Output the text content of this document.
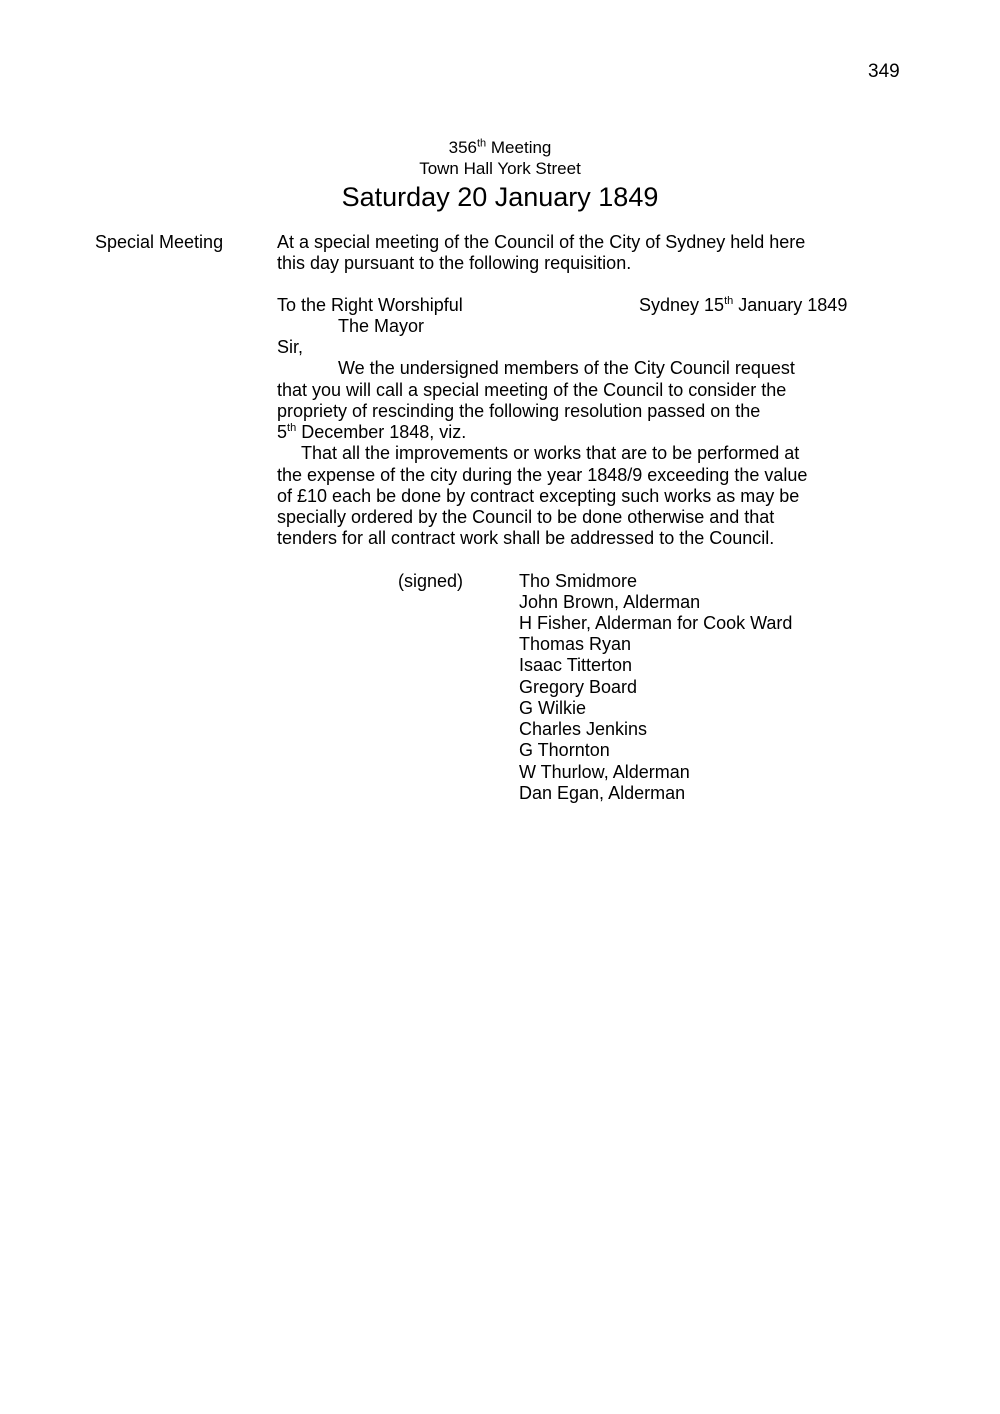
349
356th Meeting
Town Hall York Street
Saturday 20 January 1849
Special Meeting	At a special meeting of the Council of the City of Sydney held here
this day pursuant to the following requisition.
To the Right Worshipful	Sydney 15th January 1849
The Mayor
Sir,
We the undersigned members of the City Council request
that you will call a special meeting of the Council to consider the
propriety of rescinding the following resolution passed on the
5th December 1848, viz.
That all the improvements or works that are to be performed at
the expense of the city during the year 1848/9 exceeding the value
of £10 each be done by contract excepting such works as may be
specially ordered by the Council to be done otherwise and that
tenders for all contract work shall be addressed to the Council.
(signed)	Tho Smidmore
John Brown, Alderman
H Fisher, Alderman for Cook Ward
Thomas Ryan
Isaac Titterton
Gregory Board
G Wilkie
Charles Jenkins
G Thornton
W Thurlow, Alderman
Dan Egan, Alderman
